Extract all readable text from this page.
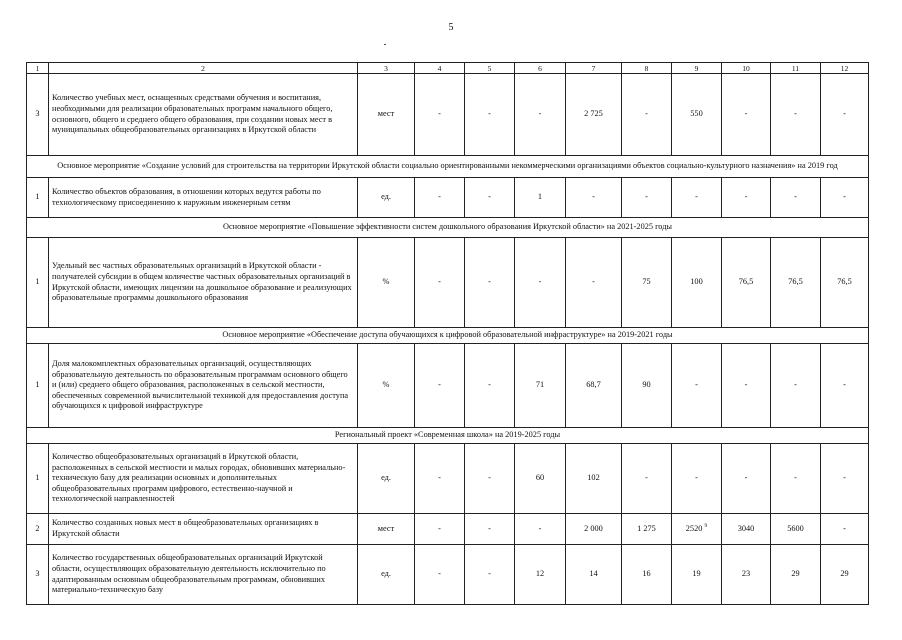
5
1	2	3	4	5	6	7	8	9	10	11	12
3	Количество учебных мест, оснащенных средствами обучения и воспитания, необходимыми для реализации образовательных программ начального общего, основного, общего и среднего общего образования, при создании новых мест в муниципальных общеобразовательных организациях в Иркутской области	мест	-	-	-	2 725	-	550	-	-	-
Основное мероприятие «Создание условий для строительства на территории Иркутской области социально ориентированными некоммерческими организациями объектов социально-культурного назначения» на 2019 год											
1	Количество объектов образования, в отношении которых ведутся работы по технологическому присоединению к наружным инженерным сетям	ед.	-	-	1	-	-	-	-	-	-
Основное мероприятие «Повышение эффективности систем дошкольного образования Иркутской области» на 2021-2025 годы											
1	Удельный вес частных образовательных организаций в Иркутской области - получателей субсидии в общем количестве частных образовательных организаций в Иркутской области, имеющих лицензии на дошкольное образование и реализующих образовательные программы дошкольного образования	%	-	-	-	-	75	100	76,5	76,5	76,5
Основное мероприятие «Обеспечение доступа обучающихся к цифровой образовательной инфраструктуре» на 2019-2021 годы											
1	Доля малокомплектных образовательных организаций, осуществляющих образовательную деятельность по образовательным программам основного общего и (или) среднего общего образования, расположенных в сельской местности, обеспеченных современной вычислительной техникой для предоставления доступа обучающихся к цифровой инфраструктуре	%	-	-	71	68,7	90	-	-	-	-
Региональный проект «Современная школа» на 2019-2025 годы											
1	Количество общеобразовательных организаций в Иркутской области, расположенных в сельской местности и малых городах, обновивших материально-техническую базу для реализации основных и дополнительных общеобразовательных программ цифрового, естественно-научной и технологической направленностей	ед.	-	-	60	102	-	-	-	-	-
2	Количество созданных новых мест в общеобразовательных организациях в Иркутской области	мест	-	-	-	2 000	1 275	2520 $^9$	3040	5600	-
3	Количество государственных общеобразовательных организаций Иркутской области, осуществляющих образовательную деятельность исключительно по адаптированным основным общеобразовательным программам, обновивших материально-техническую базу	ед.	-	-	12	14	16	19	23	29	29
